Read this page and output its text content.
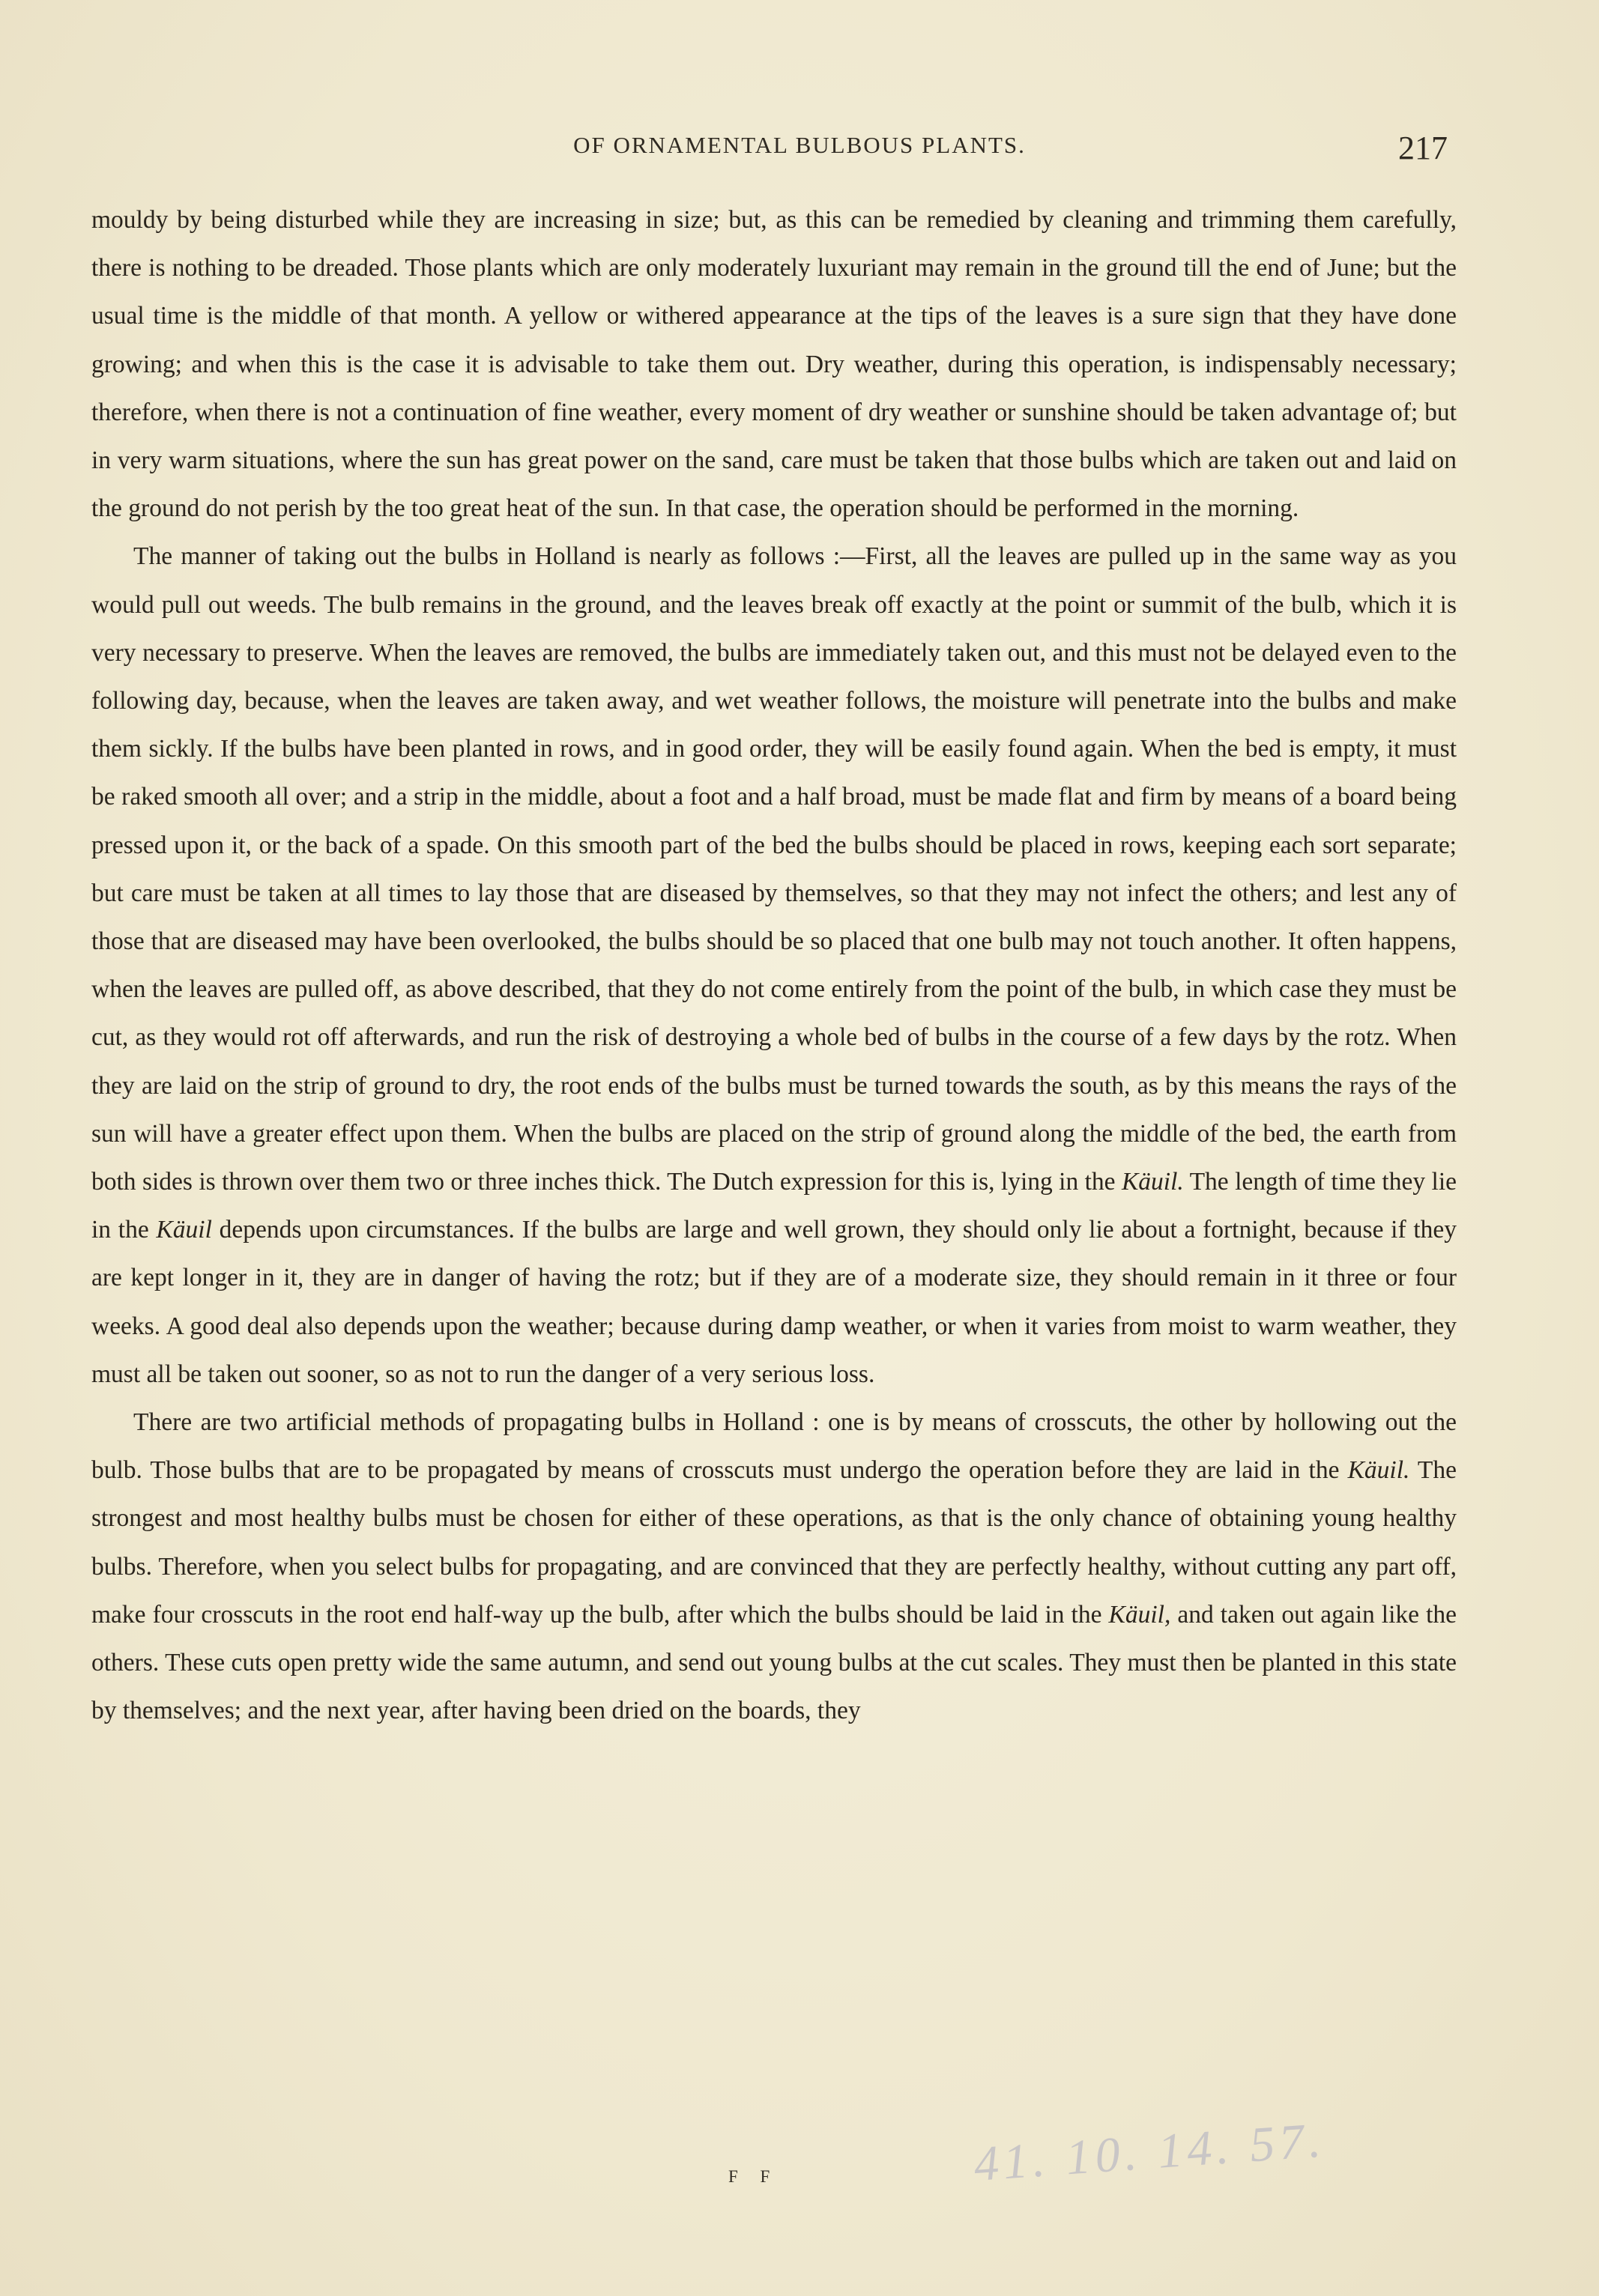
OF ORNAMENTAL BULBOUS PLANTS.	217

mouldy by being disturbed while they are increasing in size; but, as this can be remedied by cleaning and trimming them carefully, there is nothing to be dreaded. Those plants which are only moderately luxuriant may remain in the ground till the end of June; but the usual time is the middle of that month. A yellow or withered appearance at the tips of the leaves is a sure sign that they have done growing; and when this is the case it is advisable to take them out. Dry weather, during this operation, is indispensably necessary; therefore, when there is not a continuation of fine weather, every moment of dry weather or sunshine should be taken advantage of; but in very warm situations, where the sun has great power on the sand, care must be taken that those bulbs which are taken out and laid on the ground do not perish by the too great heat of the sun. In that case, the operation should be performed in the morning.

The manner of taking out the bulbs in Holland is nearly as follows :—First, all the leaves are pulled up in the same way as you would pull out weeds. The bulb remains in the ground, and the leaves break off exactly at the point or summit of the bulb, which it is very necessary to preserve. When the leaves are removed, the bulbs are immediately taken out, and this must not be delayed even to the following day, because, when the leaves are taken away, and wet weather follows, the moisture will penetrate into the bulbs and make them sickly. If the bulbs have been planted in rows, and in good order, they will be easily found again. When the bed is empty, it must be raked smooth all over; and a strip in the middle, about a foot and a half broad, must be made flat and firm by means of a board being pressed upon it, or the back of a spade. On this smooth part of the bed the bulbs should be placed in rows, keeping each sort separate; but care must be taken at all times to lay those that are diseased by themselves, so that they may not infect the others; and lest any of those that are diseased may have been overlooked, the bulbs should be so placed that one bulb may not touch another. It often happens, when the leaves are pulled off, as above described, that they do not come entirely from the point of the bulb, in which case they must be cut, as they would rot off afterwards, and run the risk of destroying a whole bed of bulbs in the course of a few days by the rotz. When they are laid on the strip of ground to dry, the root ends of the bulbs must be turned towards the south, as by this means the rays of the sun will have a greater effect upon them. When the bulbs are placed on the strip of ground along the middle of the bed, the earth from both sides is thrown over them two or three inches thick. The Dutch expression for this is, lying in the Käuil. The length of time they lie in the Käuil depends upon circumstances. If the bulbs are large and well grown, they should only lie about a fortnight, because if they are kept longer in it, they are in danger of having the rotz; but if they are of a moderate size, they should remain in it three or four weeks. A good deal also depends upon the weather; because during damp weather, or when it varies from moist to warm weather, they must all be taken out sooner, so as not to run the danger of a very serious loss.

There are two artificial methods of propagating bulbs in Holland : one is by means of crosscuts, the other by hollowing out the bulb. Those bulbs that are to be propagated by means of crosscuts must undergo the operation before they are laid in the Käuil. The strongest and most healthy bulbs must be chosen for either of these operations, as that is the only chance of obtaining young healthy bulbs. Therefore, when you select bulbs for propagating, and are convinced that they are perfectly healthy, without cutting any part off, make four crosscuts in the root end half-way up the bulb, after which the bulbs should be laid in the Käuil, and taken out again like the others. These cuts open pretty wide the same autumn, and send out young bulbs at the cut scales. They must then be planted in this state by themselves; and the next year, after having been dried on the boards, they

F F	41. 10. 14. 57.
